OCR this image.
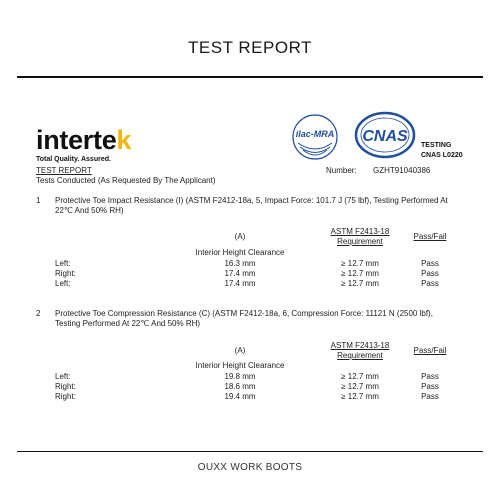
TEST REPORT
intertek
Total Quality. Assured.
TEST REPORT
Tests Conducted (As Requested By The Applicant)
ilac-MRA CNAS
TESTING
CNAS L0220
Number: GZHT91040386
1 Protective Toe Impact Resistance (I) (ASTM F2412-18a, 5, Impact Force: 101.7 J (75 lbf), Testing Performed At
22℃ And 50% RH)
(A)
ASTM F2413-18
Requirement
Pass/Fail
Interior Height Clearance
Left:	16.3 mm	≥ 12.7 mm	Pass
Right:	17.4 mm	≥ 12.7 mm	Pass
Left:	17.4 mm	≥ 12.7 mm	Pass
2 Protective Toe Compression Resistance (C) (ASTM F2412-18a, 6, Compression Force: 11121 N (2500 lbf),
Testing Performed At 22℃ And 50% RH)
(A)
ASTM F2413-18
Requirement
Pass/Fail
Interior Height Clearance
Left:	19.8 mm	≥ 12.7 mm	Pass
Right:	18.6 mm	≥ 12.7 mm	Pass
Right:	19.4 mm	≥ 12.7 mm	Pass
OUXX WORK BOOTS
